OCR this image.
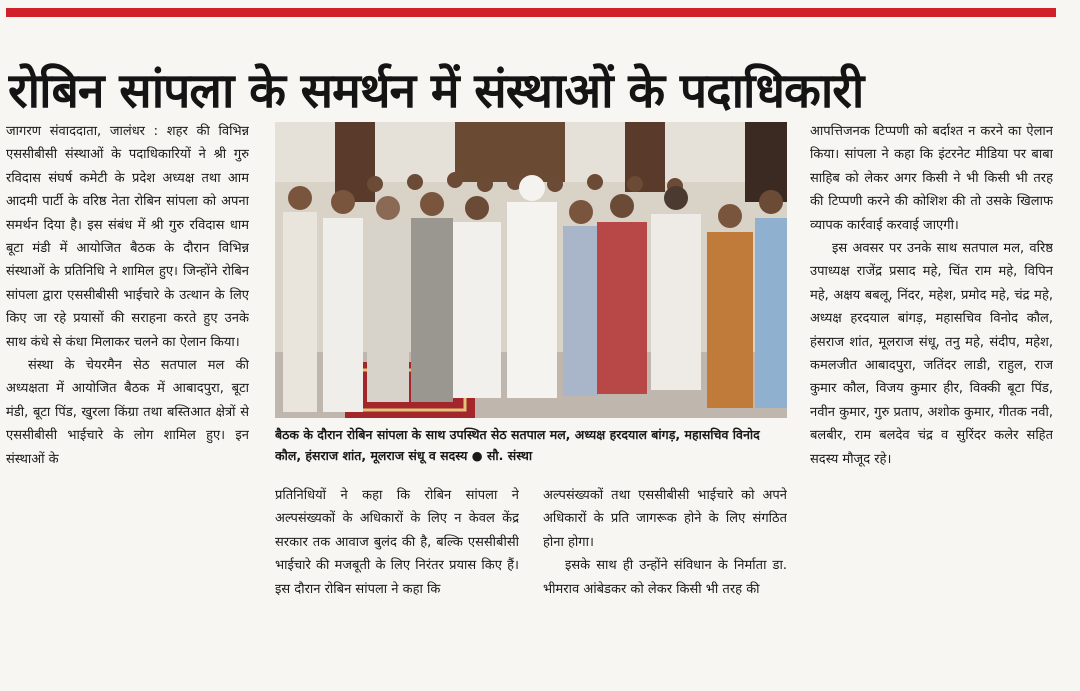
रोबिन सांपला के समर्थन में संस्थाओं के पदाधिकारी

जागरण संवाददाता, जालंधर : शहर की विभिन्न एससीबीसी संस्थाओं के पदाधिकारियों ने श्री गुरु रविदास संघर्ष कमेटी के प्रदेश अध्यक्ष तथा आम आदमी पार्टी के वरिष्ठ नेता रोबिन सांपला को अपना समर्थन दिया है। इस संबंध में श्री गुरु रविदास धाम बूटा मंडी में आयोजित बैठक के दौरान विभिन्न संस्थाओं के प्रतिनिधि ने शामिल हुए। जिन्होंने रोबिन सांपला द्वारा एससीबीसी भाईचारे के उत्थान के लिए किए जा रहे प्रयासों की सराहना करते हुए उनके साथ कंधे से कंधा मिलाकर चलने का ऐलान किया।

संस्था के चेयरमैन सेठ सतपाल मल की अध्यक्षता में आयोजित बैठक में आबादपुरा, बूटा मंडी, बूटा पिंड, खुरला किंग्रा तथा बस्तिआत क्षेत्रों से एससीबीसी भाईचारे के लोग शामिल हुए। इन संस्थाओं के

बैठक के दौरान रोबिन सांपला के साथ उपस्थित सेठ सतपाल मल, अध्यक्ष हरदयाल बांगड़, महासचिव विनोद कौल, हंसराज शांत, मूलराज संधू व सदस्य ● सौ. संस्था

प्रतिनिधियों ने कहा कि रोबिन सांपला ने अल्पसंख्यकों के अधिकारों के लिए न केवल केंद्र सरकार तक आवाज बुलंद की है, बल्कि एससीबीसी भाईचारे की मजबूती के लिए निरंतर प्रयास किए हैं। इस दौरान रोबिन सांपला ने कहा कि

अल्पसंख्यकों तथा एससीबीसी भाईचारे को अपने अधिकारों के प्रति जागरूक होने के लिए संगठित होना होगा।

इसके साथ ही उन्होंने संविधान के निर्माता डा. भीमराव आंबेडकर को लेकर किसी भी तरह की

आपत्तिजनक टिप्पणी को बर्दाश्त न करने का ऐलान किया। सांपला ने कहा कि इंटरनेट मीडिया पर बाबा साहिब को लेकर अगर किसी ने भी किसी भी तरह की टिप्पणी करने की कोशिश की तो उसके खिलाफ व्यापक कार्रवाई करवाई जाएगी।

इस अवसर पर उनके साथ सतपाल मल, वरिष्ठ उपाध्यक्ष राजेंद्र प्रसाद महे, चिंत राम महे, विपिन महे, अक्षय बबलू, निंदर, महेश, प्रमोद महे, चंद्र महे, अध्यक्ष हरदयाल बांगड़, महासचिव विनोद कौल, हंसराज शांत, मूलराज संधू, तनु महे, संदीप, महेश, कमलजीत आबादपुरा, जतिंदर लाडी, राहुल, राज कुमार कौल, विजय कुमार हीर, विक्की बूटा पिंड, नवीन कुमार, गुरु प्रताप, अशोक कुमार, गीतक नवी, बलबीर, राम बलदेव चंद्र व सुरिंदर कलेर सहित सदस्य मौजूद रहे।
